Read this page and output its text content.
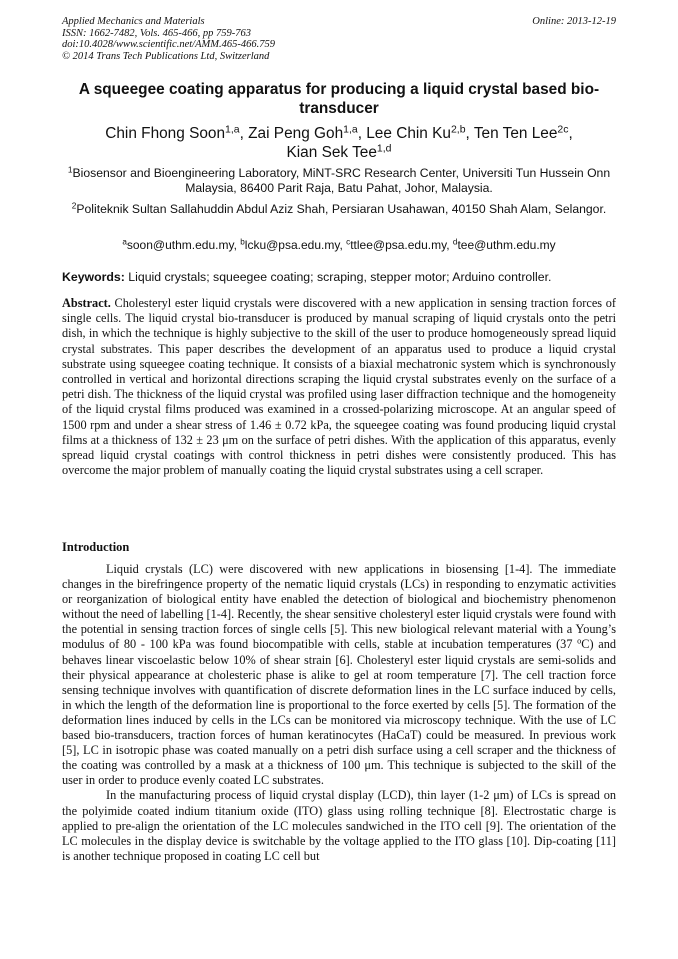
Applied Mechanics and Materials
ISSN: 1662-7482, Vols. 465-466, pp 759-763
doi:10.4028/www.scientific.net/AMM.465-466.759
© 2014 Trans Tech Publications Ltd, Switzerland
Online: 2013-12-19
A squeegee coating apparatus for producing a liquid crystal based bio-transducer
Chin Fhong Soon$^{1,a}$, Zai Peng Goh$^{1,a}$, Lee Chin Ku$^{2,b}$, Ten Ten Lee$^{2c}$,
Kian Sek Tee$^{1,d}$
$^1$Biosensor and Bioengineering Laboratory, MiNT-SRC Research Center, Universiti Tun Hussein Onn Malaysia, 86400 Parit Raja, Batu Pahat, Johor, Malaysia.
$^2$Politeknik Sultan Sallahuddin Abdul Aziz Shah, Persiaran Usahawan, 40150 Shah Alam, Selangor.
$^a$soon@uthm.edu.my, $^b$lcku@psa.edu.my, $^c$ttlee@psa.edu.my, $^d$tee@uthm.edu.my
Keywords: Liquid crystals; squeegee coating; scraping, stepper motor; Arduino controller.
Abstract. Cholesteryl ester liquid crystals were discovered with a new application in sensing traction forces of single cells. The liquid crystal bio-transducer is produced by manual scraping of liquid crystals onto the petri dish, in which the technique is highly subjective to the skill of the user to produce homogeneously spread liquid crystal substrates. This paper describes the development of an apparatus used to produce a liquid crystal substrate using squeegee coating technique. It consists of a biaxial mechatronic system which is synchronously controlled in vertical and horizontal directions scraping the liquid crystal substrates evenly on the surface of a petri dish. The thickness of the liquid crystal was profiled using laser diffraction technique and the homogeneity of the liquid crystal films produced was examined in a crossed-polarizing microscope. At an angular speed of 1500 rpm and under a shear stress of 1.46 ± 0.72 kPa, the squeegee coating was found producing liquid crystal films at a thickness of 132 ± 23 μm on the surface of petri dishes. With the application of this apparatus, evenly spread liquid crystal coatings with control thickness in petri dishes were consistently produced. This has overcome the major problem of manually coating the liquid crystal substrates using a cell scraper.
Introduction

Liquid crystals (LC) were discovered with new applications in biosensing [1-4]. The immediate changes in the birefringence property of the nematic liquid crystals (LCs) in responding to enzymatic activities or reorganization of biological entity have enabled the detection of biological and biochemistry phenomenon without the need of labelling [1-4]. Recently, the shear sensitive cholesteryl ester liquid crystals were found with the potential in sensing traction forces of single cells [5]. This new biological relevant material with a Young’s modulus of 80 - 100 kPa was found biocompatible with cells, stable at incubation temperatures (37 $^o$C) and behaves linear viscoelastic below 10% of shear strain [6]. Cholesteryl ester liquid crystals are semi-solids and their physical appearance at cholesteric phase is alike to gel at room temperature [7]. The cell traction force sensing technique involves with quantification of discrete deformation lines in the LC surface induced by cells, in which the length of the deformation line is proportional to the force exerted by cells [5]. The formation of the deformation lines induced by cells in the LCs can be monitored via microscopy technique. With the use of LC based bio-transducers, traction forces of human keratinocytes (HaCaT) could be measured. In previous work [5], LC in isotropic phase was coated manually on a petri dish surface using a cell scraper and the thickness of the coating was controlled by a mask at a thickness of 100 μm. This technique is subjected to the skill of the user in order to produce evenly coated LC substrates.

In the manufacturing process of liquid crystal display (LCD), thin layer (1-2 μm) of LCs is spread on the polyimide coated indium titanium oxide (ITO) glass using rolling technique [8]. Electrostatic charge is applied to pre-align the orientation of the LC molecules sandwiched in the ITO cell [9]. The orientation of the LC molecules in the display device is switchable by the voltage applied to the ITO glass [10]. Dip-coating [11] is another technique proposed in coating LC cell but
